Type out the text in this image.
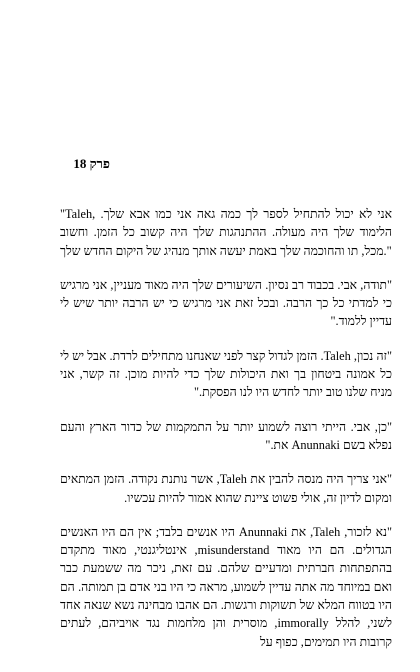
פרק 18

"Taleh, אני לא יכול להתחיל לספר לך כמה גאה אני כמו אבא שלך. הלימוד שלך היה מעולה. ההתנהגות שלך היה קשוב כל הזמן. וחשוב מכל, תו והחוכמה שלך באמת יעשה אותך מנהיג של היקום החדש שלך."

"תודה, אבי. בכבוד רב נסיון. השיעורים שלך היה מאוד מעניין, אני מרגיש כי למדתי כל כך הרבה. ובכל זאת אני מרגיש כי יש הרבה יותר שיש לי עדיין ללמוד."

"זה נכון, Taleh. הזמן לגדול קצר לפני שאנחנו מתחילים לרדת. אבל יש לי כל אמונה ביטחון בך ואת היכולות שלך כדי להיות מוכן. זה קשר, אני מניח שלנו טוב יותר לחדש היו לנו הפסקת."

"כן, אבי. הייתי רוצה לשמוע יותר על התמקמות של כדור הארץ והעם נפלא בשם Anunnaki את."

"אני צריך היה מנסה להבין את Taleh, אשר נותנת נקודה. הזמן המתאים ומקום לדיון זה, אולי פשוט ציינת שהוא אמור להיות עכשיו.

"נא לזכור, Taleh, את Anunnaki היו אנשים בלבד; אין הם היו האנשים הגדולים. הם היו מאוד misunderstand, אינטליגנטי, מאוד מתקדם בהתפתחות חברתית ומדעיים שלהם. עם זאת, ניכר מה ששמעת כבר ואם במיוחד מה אתה עדיין לשמוע, מראה כי היו בני אדם בן תמותה. הם היו בטווח המלא של תשוקות ורגשות. הם אהבו מבחינה נשא שנאה אחד לשני, להלל immorally, מוסרית והן מלחמות נגד אויביהם, לעתים קרובות היו תמימים, כפוף על
